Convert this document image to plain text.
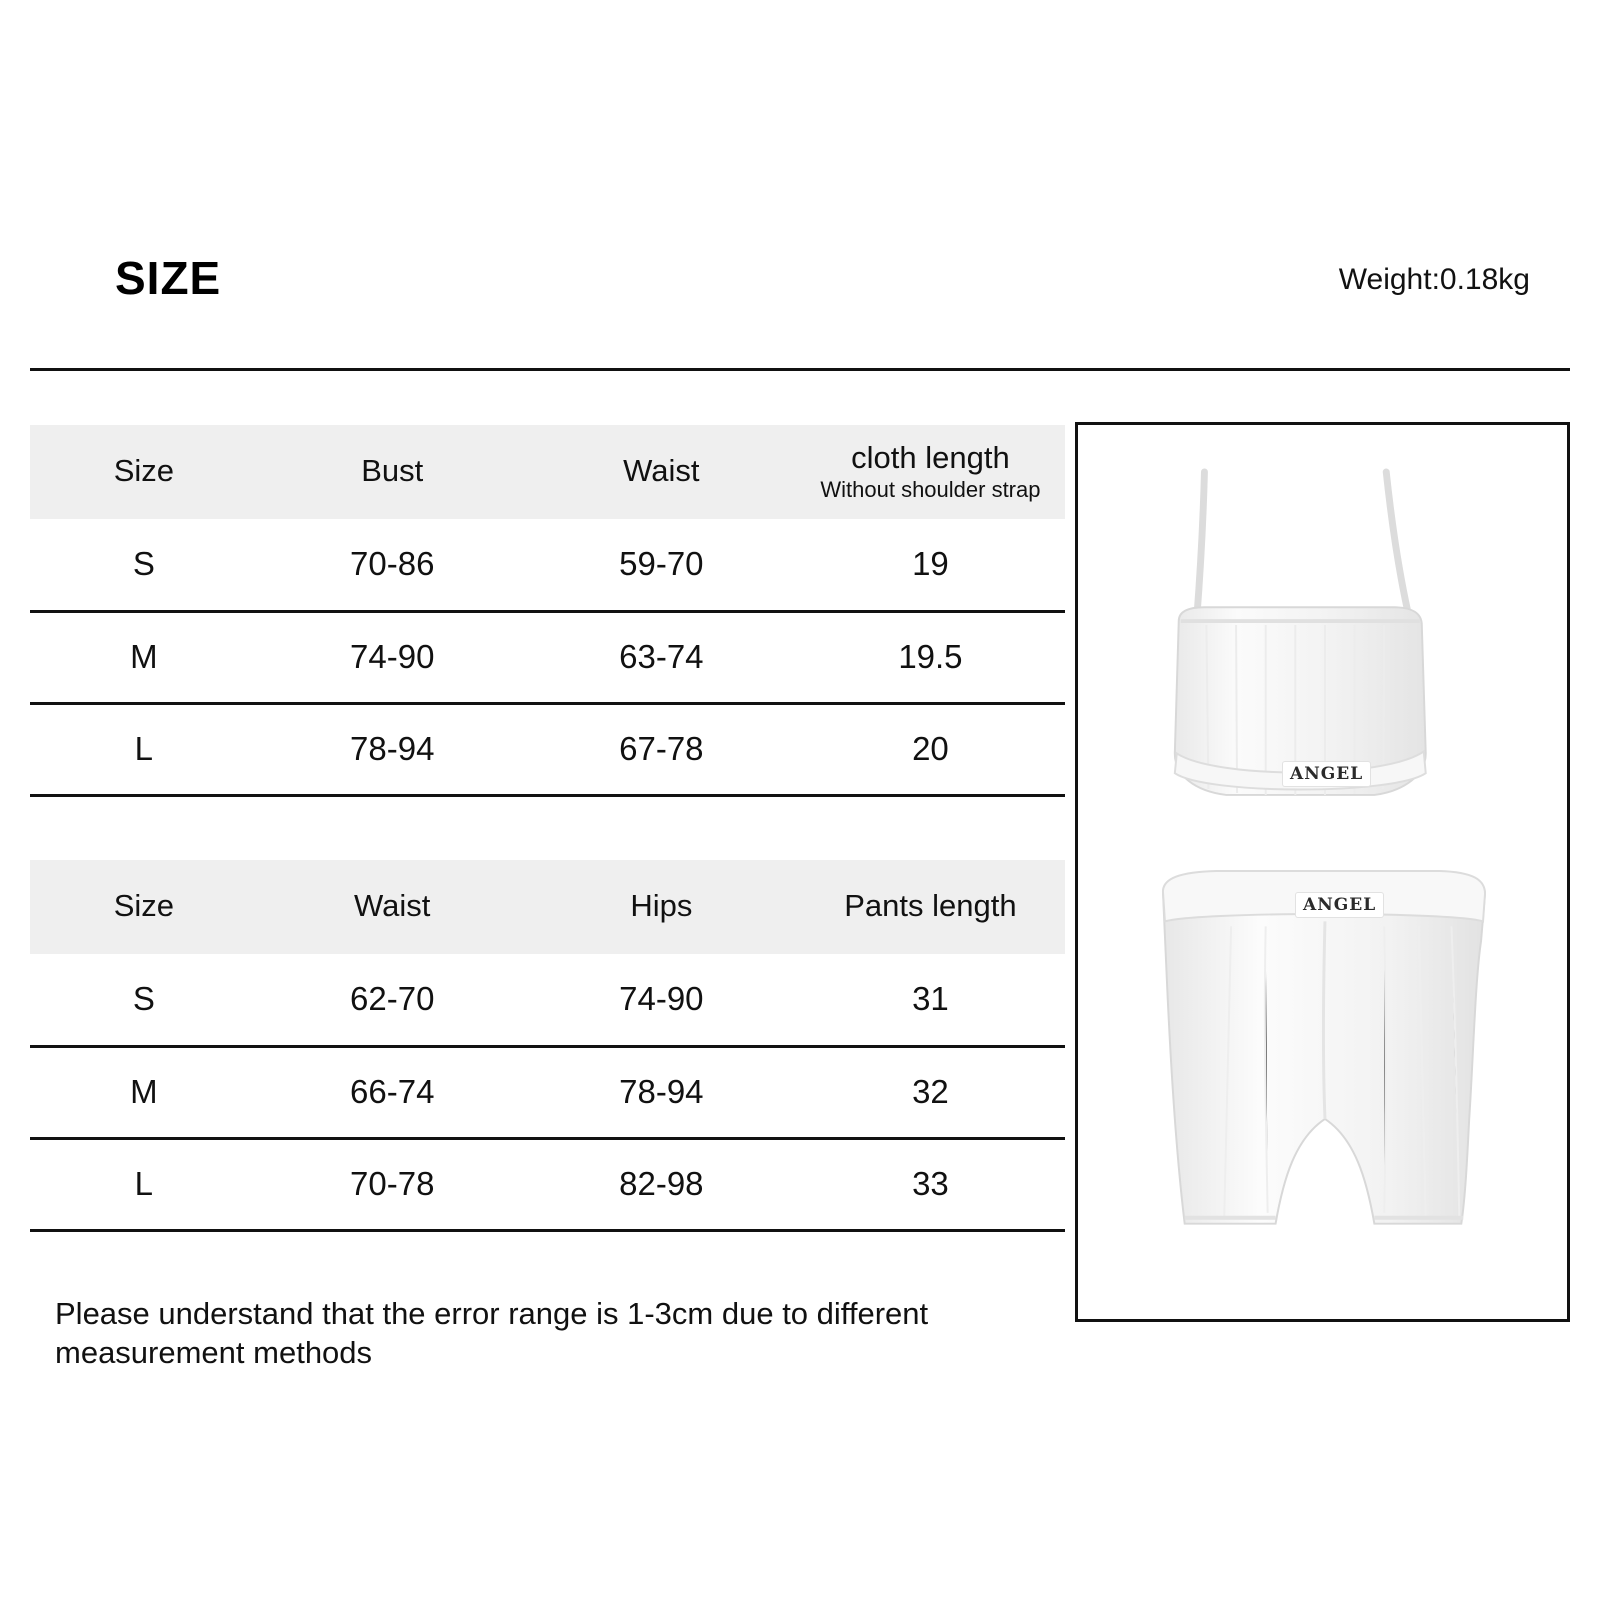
SIZE	Weight:0.18kg
Size	Bust	Waist	cloth length
Without shoulder strap

S	70-86	59-70	19
M	74-90	63-74	19.5
L	78-94	67-78	20
Size	Waist	Hips	Pants length
S	62-70	74-90	31
M	66-74	78-94	32
L	70-78	82-98	33
Please understand that the error range is 1-3cm due to different measurement methods
ANGEL
ANGEL
